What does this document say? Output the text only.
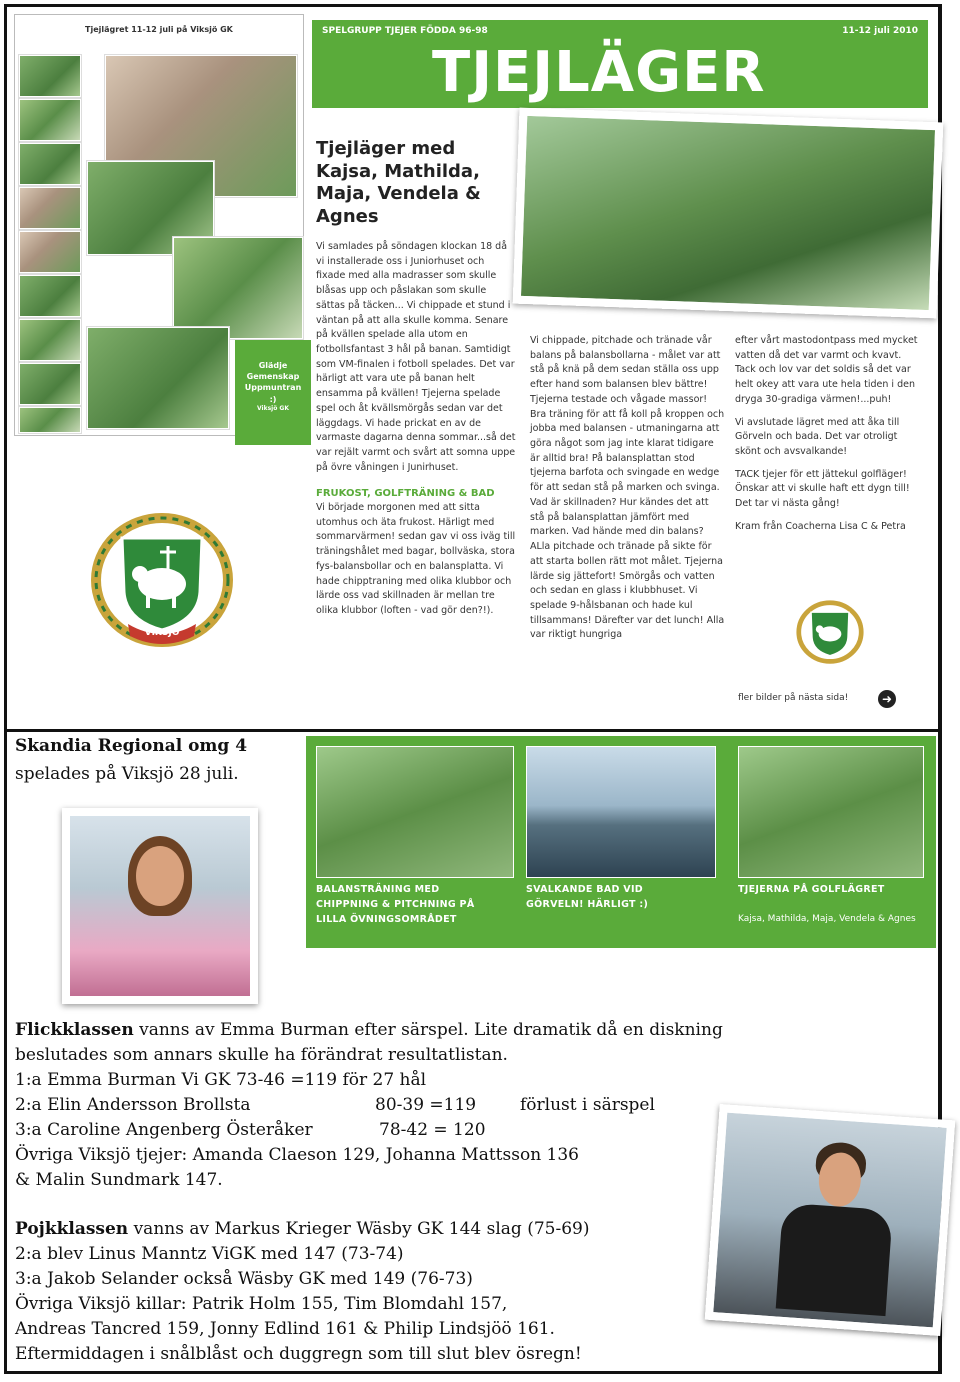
Tjejlägret 11-12 juli på Viksjö GK
Glädje
Gemenskap
Uppmuntran
:)
Viksjö GK
SPELGRUPP TJEJER FÖDDA 96-98	11-12 juli 2010
TJEJLÄGER
Tjejläger med Kajsa, Mathilda, Maja, Vendela & Agnes
Vi samlades på söndagen klockan 18 då vi installerade oss i Juniorhuset och fixade med alla madrasser som skulle blåsas upp och påslakan som skulle sättas på täcken... Vi chippade et stund i väntan på att alla skulle komma. Senare på kvällen spelade alla utom en fotbollsfantast 3 hål på banan. Samtidigt som VM-finalen i fotboll spelades. Det var härligt att vara ute på banan helt ensamma på kvällen! Tjejerna spelade spel och åt kvällsmörgås sedan var det läggdags. Vi hade prickat en av de varmaste dagarna denna sommar...så det var rejält varmt och svårt att somna uppe på övre våningen i Junirhuset.
FRUKOST, GOLFTRÄNING & BAD
Vi började morgonen med att sitta utomhus och äta frukost. Härligt med sommarvärmen! sedan gav vi oss iväg till träningshålet med bagar, bollväska, stora fys-balansbollar och en balansplatta. Vi hade chipptraning med olika klubbor och lärde oss vad skillnaden är mellan tre olika klubbor (loften - vad gör den?!).
Vi chippade, pitchade och tränade vår balans på balansbollarna - målet var att stå på knä på dem sedan ställa oss upp efter hand som balansen blev bättre! Tjejerna testade och vågade massor! Bra träning för att få koll på kroppen och jobba med balansen - utmaningarna att göra något som jag inte klarat tidigare är alltid bra! På balansplattan stod tjejerna barfota och svingade en wedge för att sedan stå på marken och svinga. Vad är skillnaden? Hur kändes det att stå på balansplattan jämfört med marken. Vad hände med din balans? ALla pitchade och tränade på sikte för att starta bollen rätt mot målet. Tjejerna lärde sig jättefort! Smörgås och vatten och sedan en glass i klubbhuset. Vi spelade 9-hålsbanan och hade kul tillsammans! Därefter var det lunch! Alla var riktigt hungriga
efter vårt mastodontpass med mycket vatten då det var varmt och kvavt. Tack och lov var det soldis så det var helt okey att vara ute hela tiden i den dryga 30-gradiga värmen!...puh!
Vi avslutade lägret med att åka till Görveln och bada. Det var otroligt skönt och avsvalkande!
TACK tjejer för ett jättekul golfläger! Önskar att vi skulle haft ett dygn till! Det tar vi nästa gång!
Kram från Coacherna Lisa C & Petra
VIKSJÖ
fler bilder på nästa sida!	➜
Skandia Regional omg 4
spelades på Viksjö 28 juli.
BALANSTRÄNING MED
CHIPPNING & PITCHNING PÅ
LILLA ÖVNINGSOMRÅDET
SVALKANDE BAD VID
GÖRVELN! HÄRLIGT :)
TJEJERNA PÅ GOLFLÄGRET
Kajsa, Mathilda, Maja, Vendela & Agnes
Flickklassen vanns av Emma Burman efter särspel. Lite dramatik då en diskning
beslutades som annars skulle ha förändrat resultatlistan.
1:a Emma Burman Vi GK 73-46 =119 för 27 hål
2:a Elin Andersson Brollsta	80-39 =119	förlust i särspel
3:a Caroline Angenberg Österåker	78-42 = 120
Övriga Viksjö tjejer: Amanda Claeson 129, Johanna Mattsson 136
& Malin Sundmark 147.
Pojkklassen vanns av Markus Krieger Wäsby GK 144 slag (75-69)
2:a blev Linus Manntz ViGK med 147 (73-74)
3:a Jakob Selander också Wäsby GK med 149 (76-73)
Övriga Viksjö killar: Patrik Holm 155, Tim Blomdahl 157,
Andreas Tancred 159, Jonny Edlind 161 & Philip Lindsjöö 161.
Eftermiddagen i snålblåst och duggregn som till slut blev ösregn!
